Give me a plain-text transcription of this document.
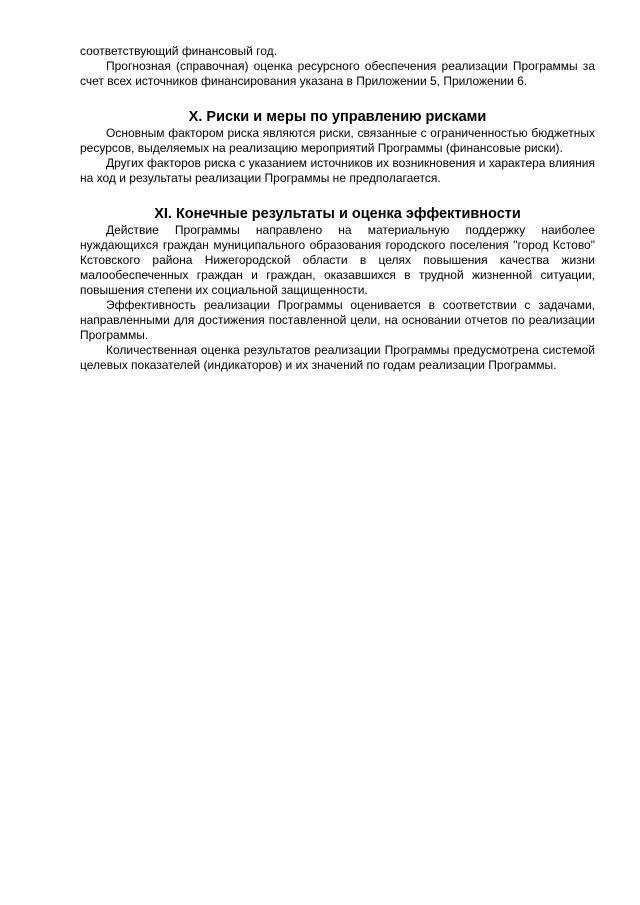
соответствующий финансовый год.

Прогнозная (справочная) оценка ресурсного обеспечения реализации Программы за счет всех источников финансирования указана в Приложении 5, Приложении 6.

X. Риски и меры по управлению рисками

Основным фактором риска являются риски, связанные с ограниченностью бюджетных ресурсов, выделяемых на реализацию мероприятий Программы (финансовые риски).

Других факторов риска с указанием источников их возникновения и характера влияния на ход и результаты реализации Программы не предполагается.

XI. Конечные результаты и оценка эффективности

Действие Программы направлено на материальную поддержку наиболее нуждающихся граждан муниципального образования городского поселения "город Кстово" Кстовского района Нижегородской области в целях повышения качества жизни малообеспеченных граждан и граждан, оказавшихся в трудной жизненной ситуации, повышения степени их социальной защищенности.

Эффективность реализации Программы оценивается в соответствии с задачами, направленными для достижения поставленной цели, на основании отчетов по реализации Программы.

Количественная оценка результатов реализации Программы предусмотрена системой целевых показателей (индикаторов) и их значений по годам реализации Программы.
